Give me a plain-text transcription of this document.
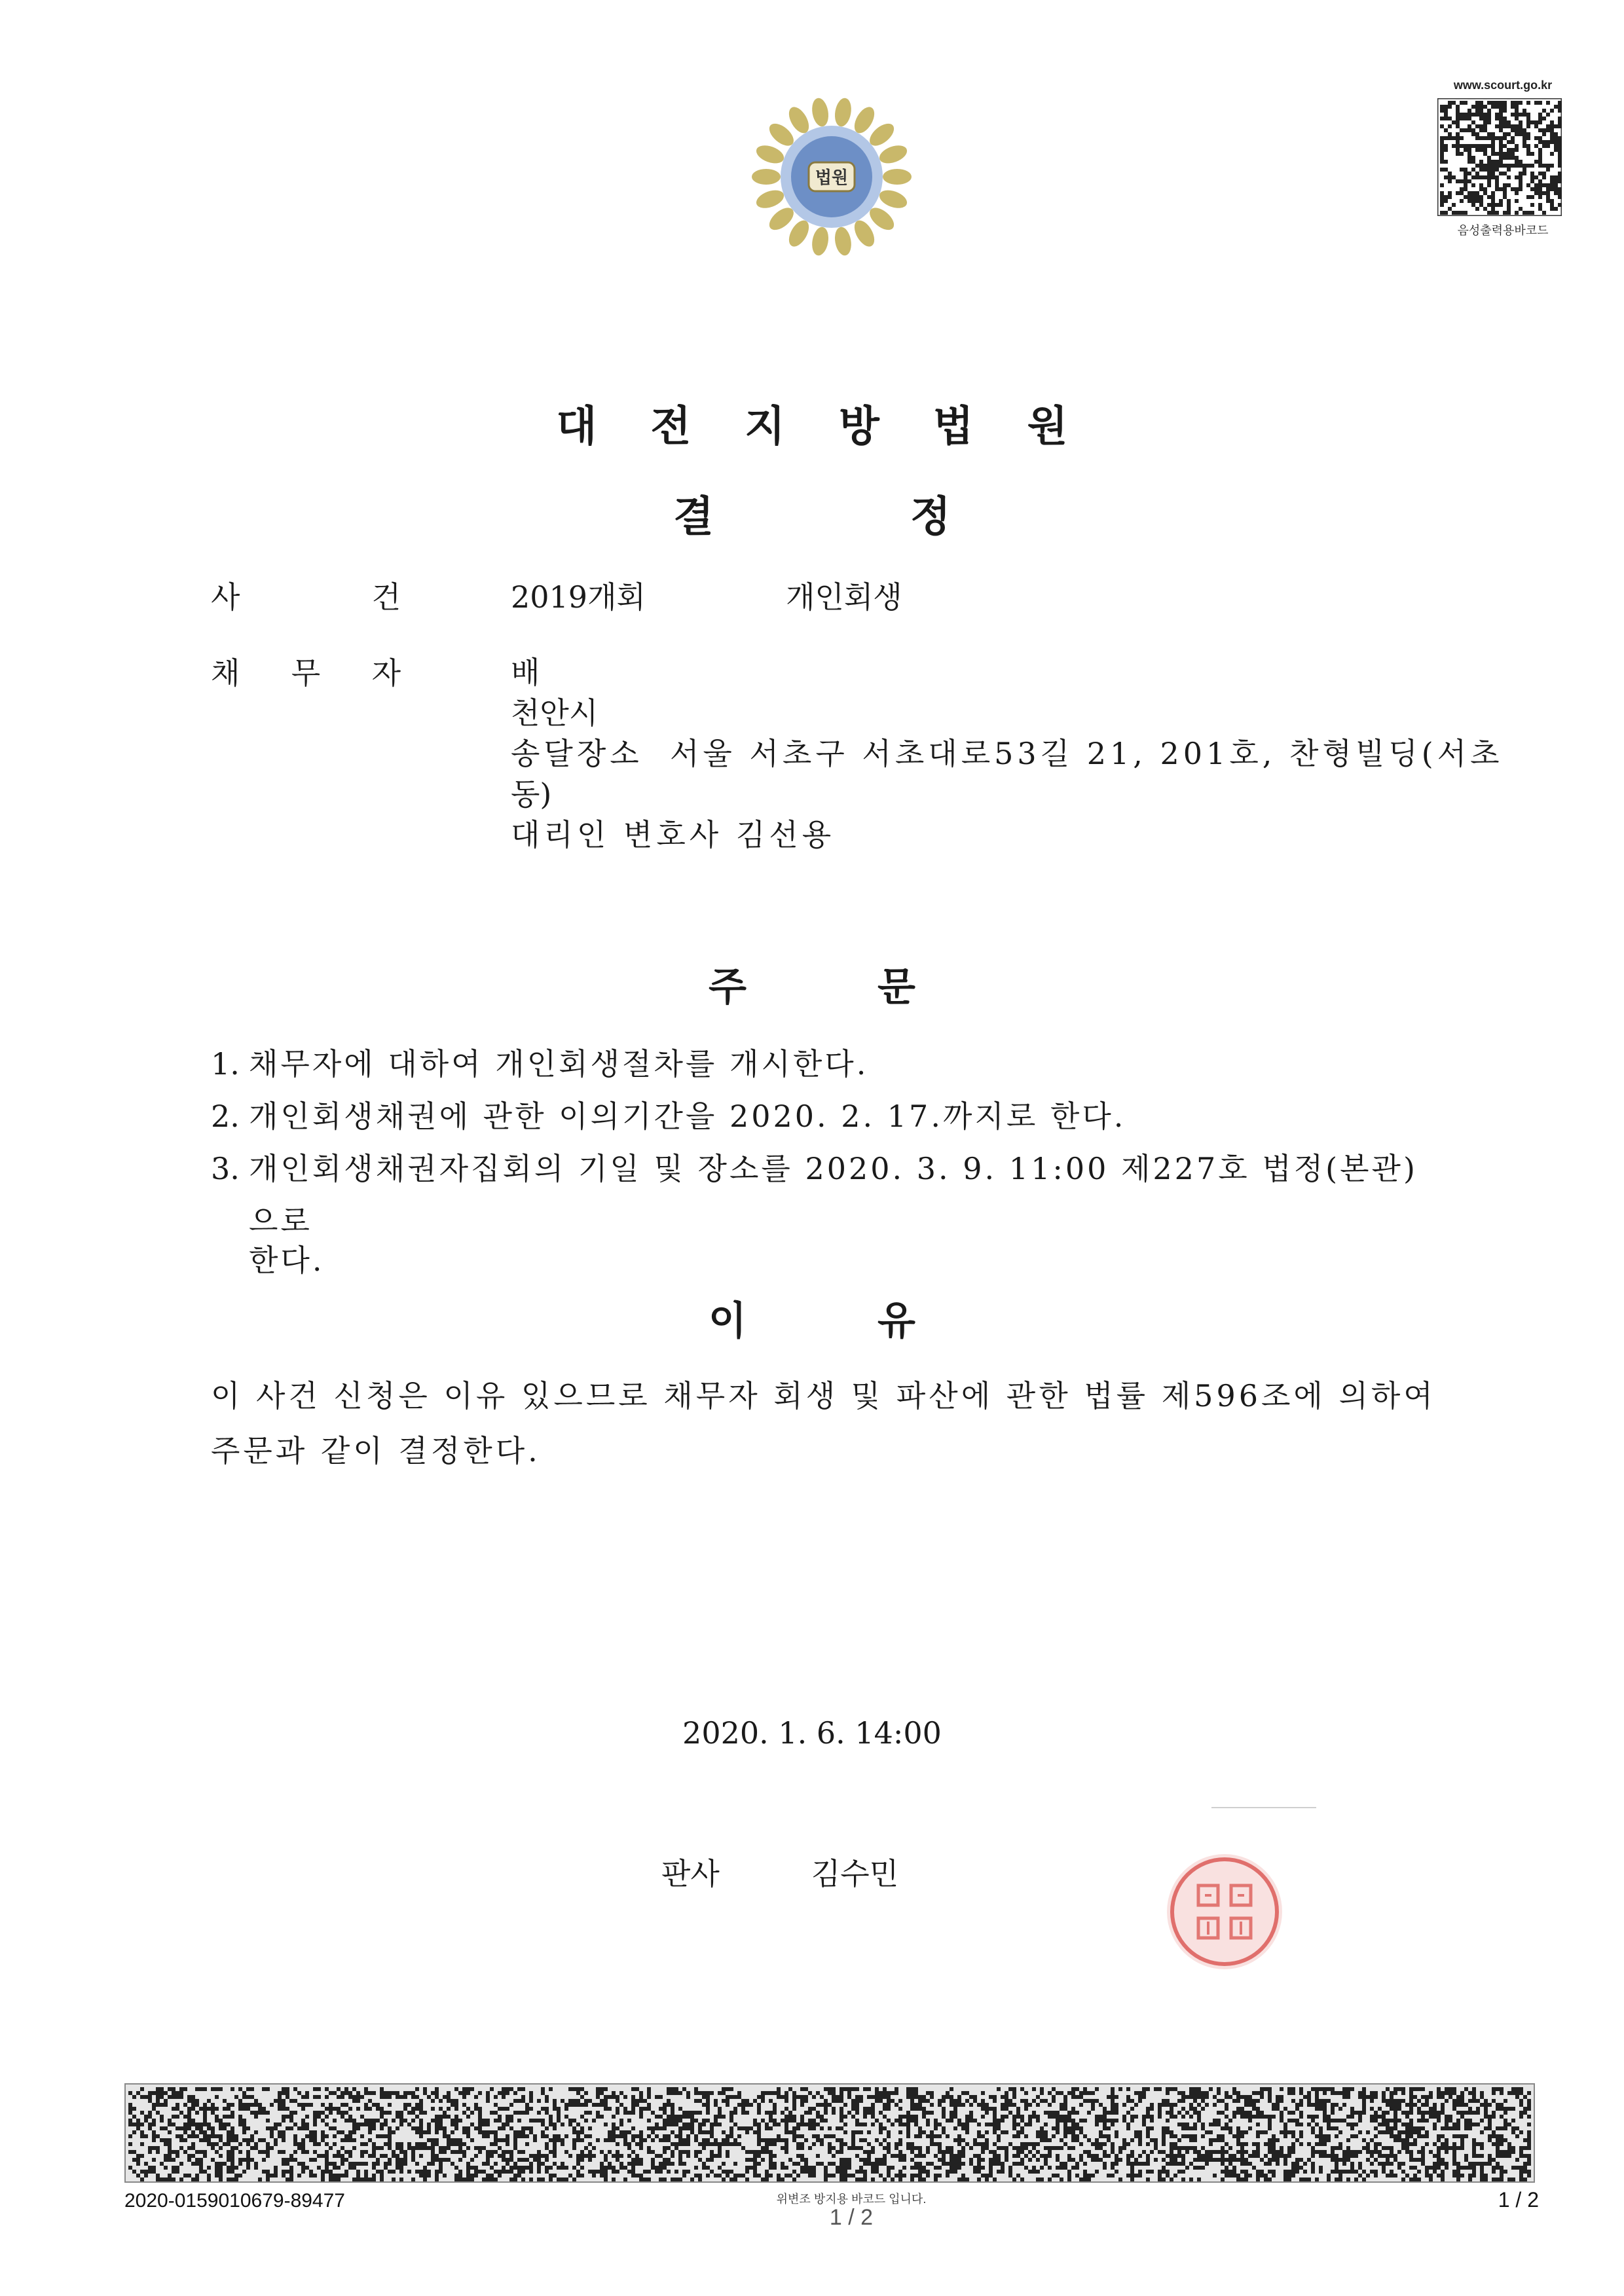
법원
www.scourt.go.kr
음성출력용바코드
대전지방법원
결	정
사	건	2019개회	개인회생
채 무 자	배
천안시
송달장소  서울 서초구 서초대로53길 21, 201호, 찬형빌딩(서초
동)
대리인 변호사 김선용
주	문
1. 채무자에 대하여 개인회생절차를 개시한다.
2. 개인회생채권에 관한 이의기간을 2020. 2. 17.까지로 한다.
3. 개인회생채권자집회의 기일 및 장소를 2020. 3. 9. 11:00 제227호 법정(본관)으로
한다.
이	유
이 사건 신청은 이유 있으므로 채무자 회생 및 파산에 관한 법률 제596조에 의하여
주문과 같이 결정한다.
2020. 1. 6. 14:00
판사	김수민
2020-0159010679-89477	위변조 방지용 바코드 입니다.
1 / 2
1 / 2
